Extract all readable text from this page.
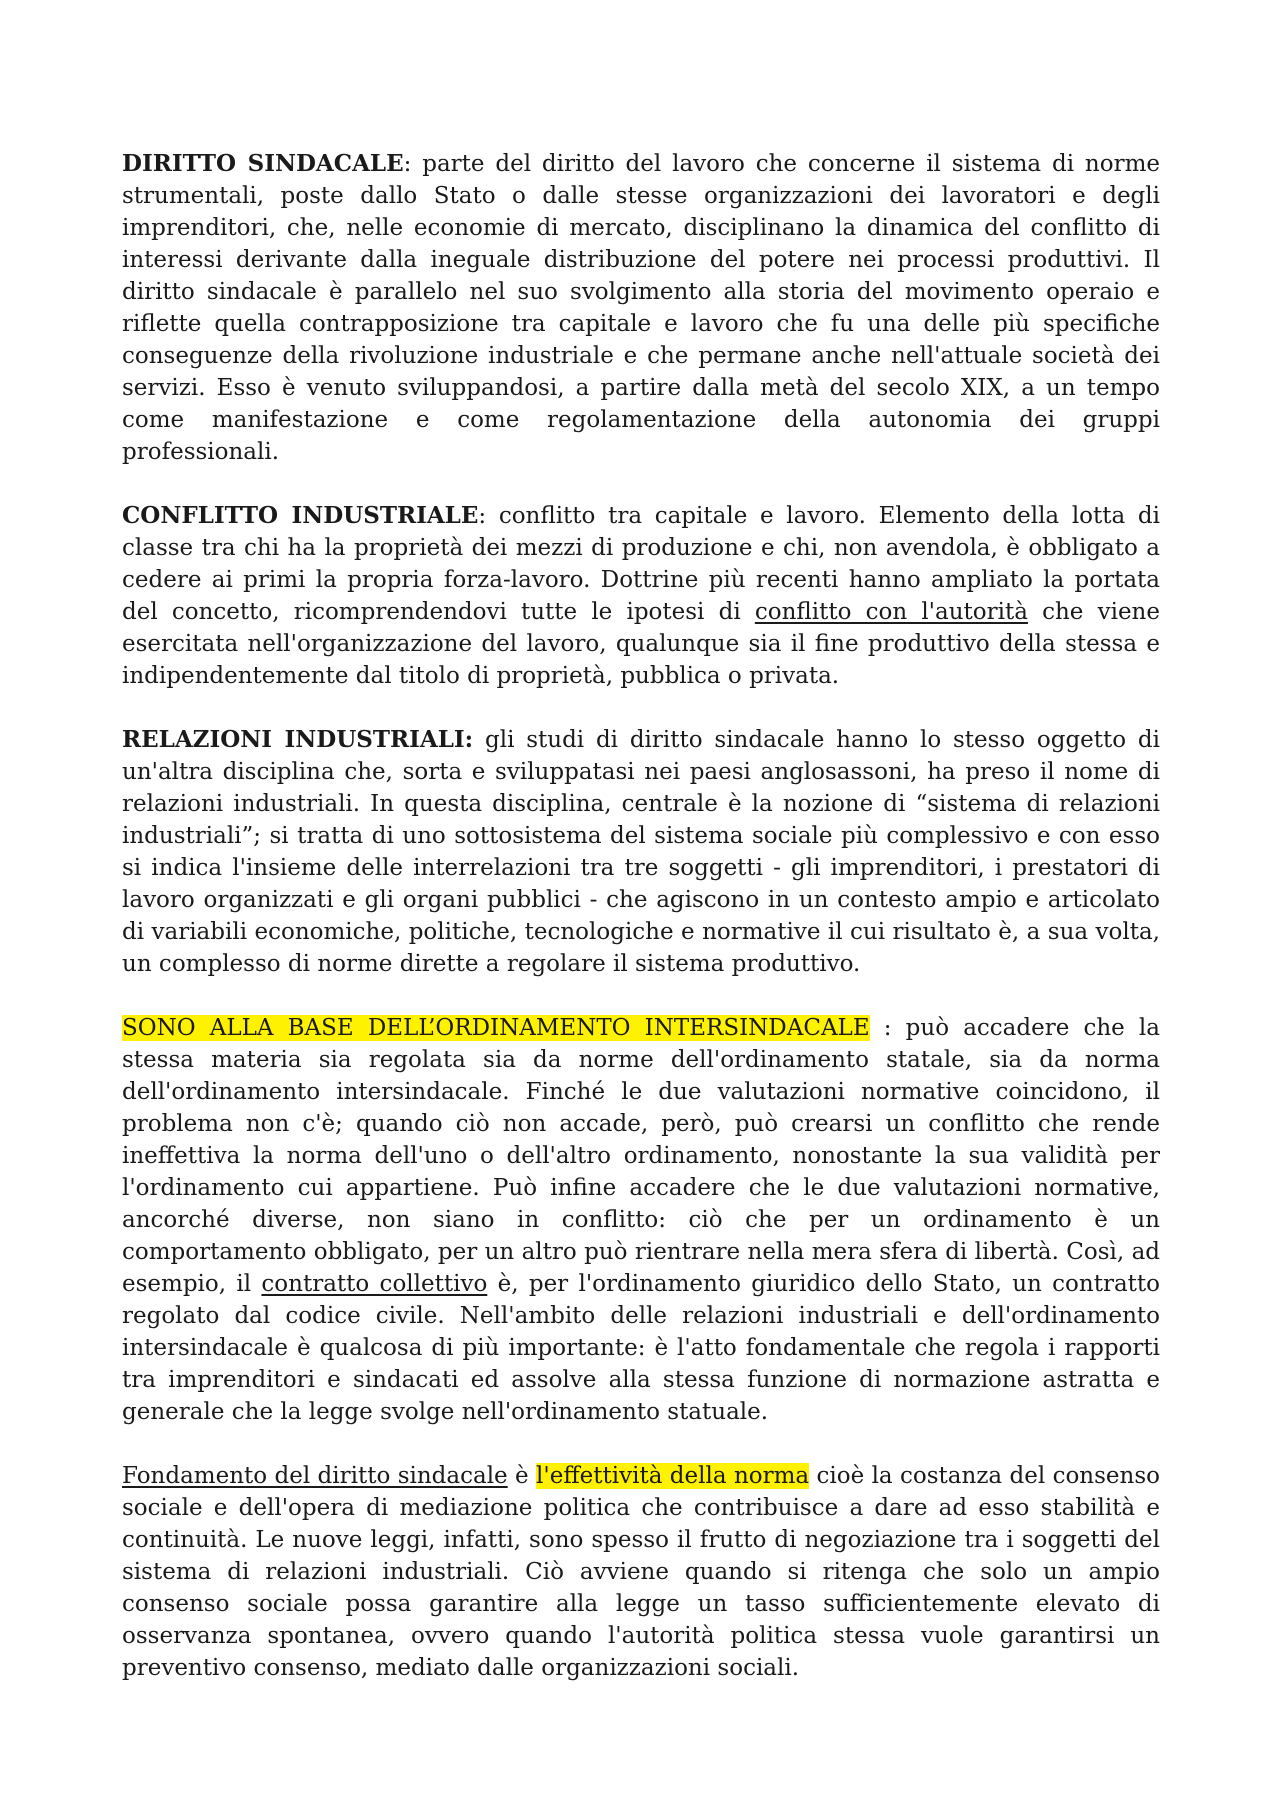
DIRITTO SINDACALE: parte del diritto del lavoro che concerne il sistema di norme strumentali, poste dallo Stato o dalle stesse organizzazioni dei lavoratori e degli imprenditori, che, nelle economie di mercato, disciplinano la dinamica del conflitto di interessi derivante dalla ineguale distribuzione del potere nei processi produttivi. Il diritto sindacale è parallelo nel suo svolgimento alla storia del movimento operaio e riflette quella contrapposizione tra capitale e lavoro che fu una delle più specifiche conseguenze della rivoluzione industriale e che permane anche nell'attuale società dei servizi. Esso è venuto sviluppandosi, a partire dalla metà del secolo XIX, a un tempo come manifestazione e come regolamentazione della autonomia dei gruppi professionali.

CONFLITTO INDUSTRIALE: conflitto tra capitale e lavoro. Elemento della lotta di classe tra chi ha la proprietà dei mezzi di produzione e chi, non avendola, è obbligato a cedere ai primi la propria forza-lavoro. Dottrine più recenti hanno ampliato la portata del concetto, ricomprendendovi tutte le ipotesi di conflitto con l'autorità che viene esercitata nell'organizzazione del lavoro, qualunque sia il fine produttivo della stessa e indipendentemente dal titolo di proprietà, pubblica o privata.

RELAZIONI INDUSTRIALI: gli studi di diritto sindacale hanno lo stesso oggetto di un'altra disciplina che, sorta e sviluppatasi nei paesi anglosassoni, ha preso il nome di relazioni industriali. In questa disciplina, centrale è la nozione di “sistema di relazioni industriali”; si tratta di uno sottosistema del sistema sociale più complessivo e con esso si indica l'insieme delle interrelazioni tra tre soggetti - gli imprenditori, i prestatori di lavoro organizzati e gli organi pubblici - che agiscono in un contesto ampio e articolato di variabili economiche, politiche, tecnologiche e normative il cui risultato è, a sua volta, un complesso di norme dirette a regolare il sistema produttivo.

SONO ALLA BASE DELL’ORDINAMENTO INTERSINDACALE : può accadere che la stessa materia sia regolata sia da norme dell'ordinamento statale, sia da norma dell'ordinamento intersindacale. Finché le due valutazioni normative coincidono, il problema non c'è; quando ciò non accade, però, può crearsi un conflitto che rende ineffettiva la norma dell'uno o dell'altro ordinamento, nonostante la sua validità per l'ordinamento cui appartiene. Può infine accadere che le due valutazioni normative, ancorché diverse, non siano in conflitto: ciò che per un ordinamento è un comportamento obbligato, per un altro può rientrare nella mera sfera di libertà. Così, ad esempio, il contratto collettivo è, per l'ordinamento giuridico dello Stato, un contratto regolato dal codice civile. Nell'ambito delle relazioni industriali e dell'ordinamento intersindacale è qualcosa di più importante: è l'atto fondamentale che regola i rapporti tra imprenditori e sindacati ed assolve alla stessa funzione di normazione astratta e generale che la legge svolge nell'ordinamento statuale.

Fondamento del diritto sindacale è l'effettività della norma cioè la costanza del consenso sociale e dell'opera di mediazione politica che contribuisce a dare ad esso stabilità e continuità. Le nuove leggi, infatti, sono spesso il frutto di negoziazione tra i soggetti del sistema di relazioni industriali. Ciò avviene quando si ritenga che solo un ampio consenso sociale possa garantire alla legge un tasso sufficientemente elevato di osservanza spontanea, ovvero quando l'autorità politica stessa vuole garantirsi un preventivo consenso, mediato dalle organizzazioni sociali.
